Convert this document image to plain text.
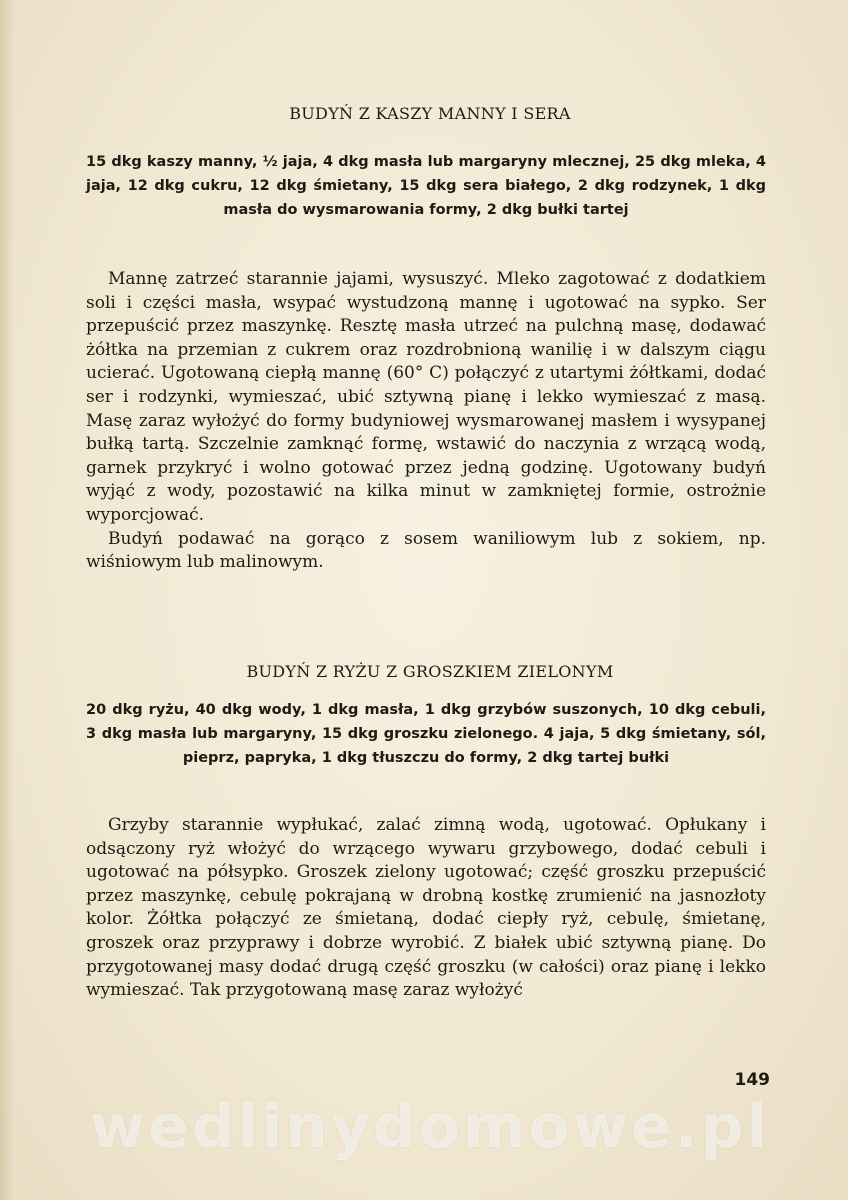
BUDYŃ Z KASZY MANNY I SERA
15 dkg kaszy manny, ½ jaja, 4 dkg masła lub margaryny mlecznej, 25 dkg mleka, 4 jaja, 12 dkg cukru, 12 dkg śmietany, 15 dkg sera białego, 2 dkg rodzynek, 1 dkg masła do wysmarowania formy, 2 dkg bułki tartej

Mannę zatrzeć starannie jajami, wysuszyć. Mleko zagotować z dodatkiem soli i części masła, wsypać wystudzoną mannę i ugotować na sypko. Ser przepuścić przez maszynkę. Resztę masła utrzeć na pulchną masę, dodawać żółtka na przemian z cukrem oraz rozdrobnioną wanilię i w dalszym ciągu ucierać. Ugotowaną ciepłą mannę (60° C) połączyć z utartymi żółtkami, dodać ser i rodzynki, wymieszać, ubić sztywną pianę i lekko wymieszać z masą. Masę zaraz wyłożyć do formy budyniowej wysmarowanej masłem i wysypanej bułką tartą. Szczelnie zamknąć formę, wstawić do naczynia z wrzącą wodą, garnek przykryć i wolno gotować przez jedną godzinę. Ugotowany budyń wyjąć z wody, pozostawić na kilka minut w zamkniętej formie, ostrożnie wyporcjować.

Budyń podawać na gorąco z sosem waniliowym lub z sokiem, np. wiśniowym lub malinowym.

BUDYŃ Z RYŻU Z GROSZKIEM ZIELONYM
20 dkg ryżu, 40 dkg wody, 1 dkg masła, 1 dkg grzybów suszonych, 10 dkg cebuli, 3 dkg masła lub margaryny, 15 dkg groszku zielonego. 4 jaja, 5 dkg śmietany, sól, pieprz, papryka, 1 dkg tłuszczu do formy, 2 dkg tartej bułki

Grzyby starannie wypłukać, zalać zimną wodą, ugotować. Opłukany i odsączony ryż włożyć do wrzącego wywaru grzybowego, dodać cebuli i ugotować na półsypko. Groszek zielony ugotować; część groszku przepuścić przez maszynkę, cebulę pokrajaną w drobną kostkę zrumienić na jasnozłoty kolor. Żółtka połączyć ze śmietaną, dodać ciepły ryż, cebulę, śmietanę, groszek oraz przyprawy i dobrze wyrobić. Z białek ubić sztywną pianę. Do przygotowanej masy dodać drugą część groszku (w całości) oraz pianę i lekko wymieszać. Tak przygotowaną masę zaraz wyłożyć

149
wedlinydomowe.pl
